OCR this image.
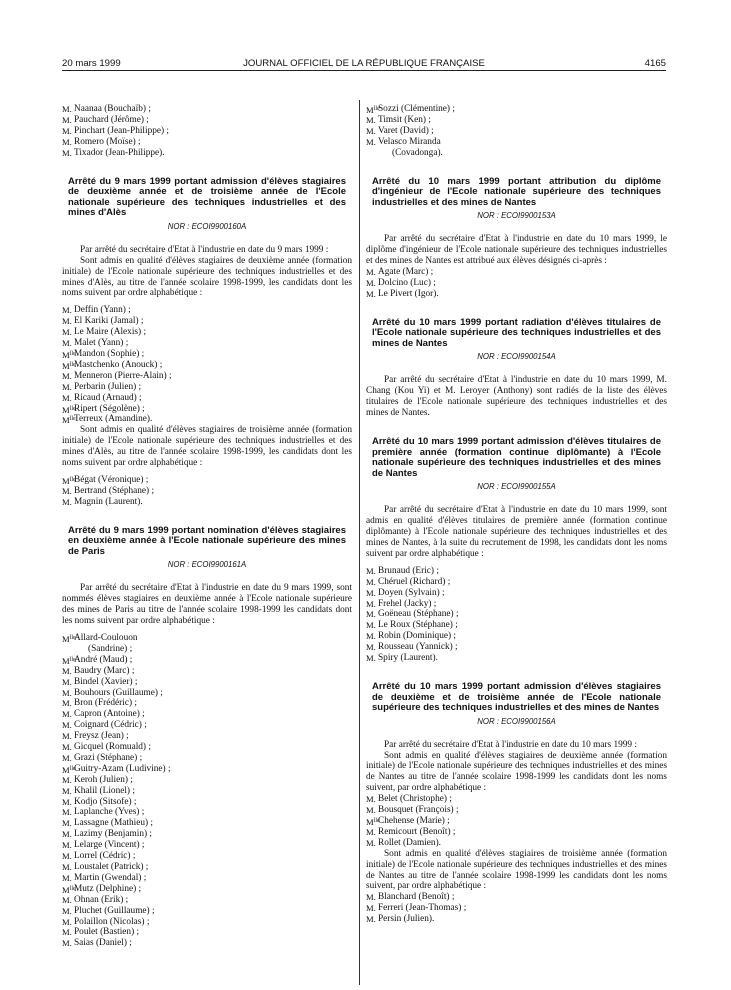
20 mars 1999	JOURNAL OFFICIEL DE LA RÉPUBLIQUE FRANÇAISE	4165
M. Naanaa (Bouchaïb) ;
M. Pauchard (Jérôme) ;
M. Pinchart (Jean-Philippe) ;
M. Romero (Moïse) ;
M. Tixador (Jean-Philippe).
Arrêté du 9 mars 1999 portant admission d'élèves stagiaires de deuxième année et de troisième année de l'Ecole nationale supérieure des techniques industrielles et des mines d'Alès
NOR : ECOI9900160A

Par arrêté du secrétaire d'Etat à l'industrie en date du 9 mars 1999 :

Sont admis en qualité d'élèves stagiaires de deuxième année (formation initiale) de l'Ecole nationale supérieure des techniques industrielles et des mines d'Alès, au titre de l'année scolaire 1998-1999, les candidats dont les noms suivent par ordre alphabétique :

M. Deffin (Yann) ;
M. El Kariki (Jamal) ;
M. Le Maire (Alexis) ;
M. Malet (Yann) ;
$M^{lle}$
Mandon (Sophie) ;
$M^{lle}$
Mastchenko (Anouck) ;
M. Menneron (Pierre-Alain) ;
M. Perbarin (Julien) ;
M. Ricaud (Arnaud) ;
$M^{lle}$
Ripert (Ségolène) ;
$M^{lle}$
Terreux (Amandine).

Sont admis en qualité d'élèves stagiaires de troisième année (formation initiale) de l'Ecole nationale supérieure des techniques industrielles et des mines d'Alès, au titre de l'année scolaire 1998-1999, les candidats dont les noms suivent par ordre alphabétique :

$M^{lle}$
Bégat (Véronique) ;
M. Bertrand (Stéphane) ;
M. Magnin (Laurent).
Arrêté du 9 mars 1999 portant nomination d'élèves stagiaires en deuxième année à l'Ecole nationale supérieure des mines de Paris
NOR : ECOI9900161A

Par arrêté du secrétaire d'Etat à l'industrie en date du 9 mars 1999, sont nommés élèves stagiaires en deuxième année à l'Ecole nationale supérieure des mines de Paris au titre de l'année scolaire 1998-1999 les candidats dont les noms suivent par ordre alphabétique :

$M^{lle}$
Allard-Coulouon
(Sandrine) ;
$M^{lle}$
André (Maud) ;
M. Baudry (Marc) ;
M. Bindel (Xavier) ;
M. Bouhours (Guillaume) ;
M. Bron (Frédéric) ;
M. Capron (Antoine) ;
M. Coignard (Cédric) ;
M. Freysz (Jean) ;
M. Gicquel (Romuald) ;
M. Grazi (Stéphane) ;
$M^{lle}$
Guitry-Azam (Ludivine) ;
M. Keroh (Julien) ;
M. Khalil (Lionel) ;
M. Kodjo (Sitsofe) ;
M. Laplanche (Yves) ;
M. Lassagne (Mathieu) ;
M. Lazimy (Benjamin) ;
M. Lelarge (Vincent) ;
M. Lorrel (Cédric) ;
M. Loustalet (Patrick) ;
M. Martin (Gwendal) ;
$M^{lle}$
Mutz (Delphine) ;
M. Ohnan (Erik) ;
M. Pluchet (Guillaume) ;
M. Polaillon (Nicolas) ;
M. Poulet (Bastien) ;
M. Saias (Daniel) ;
$M^{lle}$
Sozzi (Clémentine) ;
M. Timsit (Ken) ;
M. Varet (David) ;
M. Velasco Miranda
(Covadonga).
Arrêté du 10 mars 1999 portant attribution du diplôme d'ingénieur de l'Ecole nationale supérieure des techniques industrielles et des mines de Nantes
NOR : ECOI9900153A

Par arrêté du secrétaire d'Etat à l'industrie en date du 10 mars 1999, le diplôme d'ingénieur de l'Ecole nationale supérieure des techniques industrielles et des mines de Nantes est attribué aux élèves désignés ci-après :

M. Agate (Marc) ;
M. Dolcino (Luc) ;
M. Le Pivert (Igor).
Arrêté du 10 mars 1999 portant radiation d'élèves titulaires de l'Ecole nationale supérieure des techniques industrielles et des mines de Nantes
NOR : ECOI9900154A

Par arrêté du secrétaire d'Etat à l'industrie en date du 10 mars 1999, M. Chang (Kou Yi) et M. Leroyer (Anthony) sont radiés de la liste des élèves titulaires de l'Ecole nationale supérieure des techniques industrielles et des mines de Nantes.

Arrêté du 10 mars 1999 portant admission d'élèves titulaires de première année (formation continue diplômante) à l'Ecole nationale supérieure des techniques industrielles et des mines de Nantes
NOR : ECOI9900155A

Par arrêté du secrétaire d'Etat à l'industrie en date du 10 mars 1999, sont admis en qualité d'élèves titulaires de première année (formation continue diplômante) à l'Ecole nationale supérieure des techniques industrielles et des mines de Nantes, à la suite du recrutement de 1998, les candidats dont les noms suivent par ordre alphabétique :

M. Brunaud (Eric) ;
M. Chéruel (Richard) ;
M. Doyen (Sylvain) ;
M. Frehel (Jacky) ;
M. Goëneau (Stéphane) ;
M. Le Roux (Stéphane) ;
M. Robin (Dominique) ;
M. Rousseau (Yannick) ;
M. Spiry (Laurent).
Arrêté du 10 mars 1999 portant admission d'élèves stagiaires de deuxième et de troisième année de l'Ecole nationale supérieure des techniques industrielles et des mines de Nantes
NOR : ECOI9900156A

Par arrêté du secrétaire d'Etat à l'industrie en date du 10 mars 1999 :

Sont admis en qualité d'élèves stagiaires de deuxième année (formation initiale) de l'Ecole nationale supérieure des techniques industrielles et des mines de Nantes au titre de l'année scolaire 1998-1999 les candidats dont les noms suivent, par ordre alphabétique :

M. Belet (Christophe) ;
M. Bousquet (François) ;
$M^{lle}$
Chehense (Marie) ;
M. Remicourt (Benoît) ;
M. Rollet (Damien).

Sont admis en qualité d'élèves stagiaires de troisième année (formation initiale) de l'Ecole nationale supérieure des techniques industrielles et des mines de Nantes au titre de l'année scolaire 1998-1999 les candidats dont les noms suivent, par ordre alphabétique :

M. Blanchard (Benoît) ;
M. Ferreri (Jean-Thomas) ;
M. Persin (Julien).
